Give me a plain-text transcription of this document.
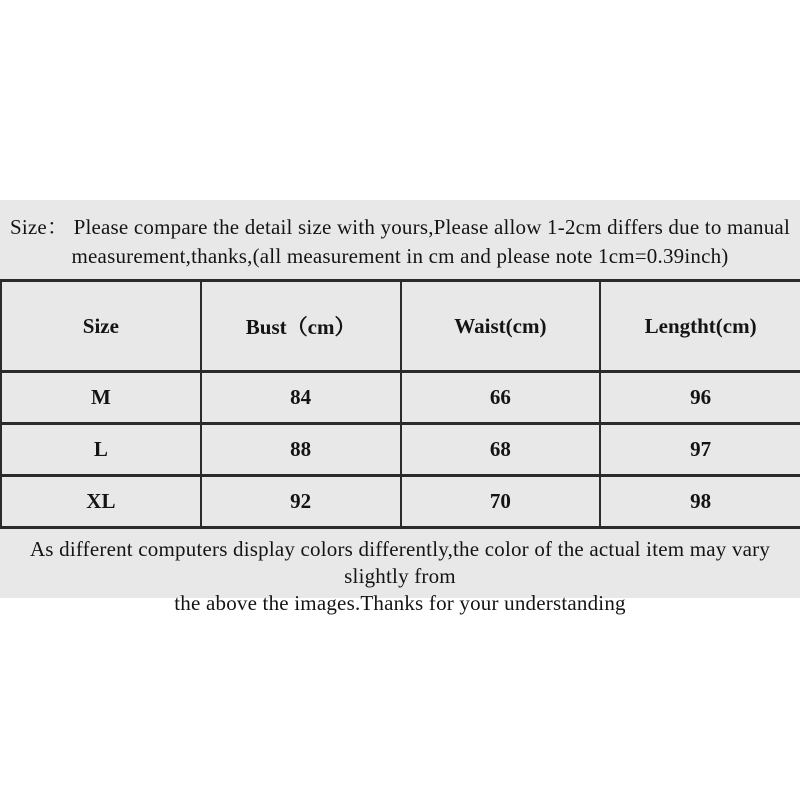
Size： Please compare the detail size with yours,Please allow 1-2cm differs due to manual
measurement,thanks,(all measurement in cm and please note 1cm=0.39inch)
Size	Bust（cm）	Waist(cm)	Lengtht(cm)
M	84	66	96
L	88	68	97
XL	92	70	98
As different computers display colors differently,the color of the actual item may vary slightly from
the above the images.Thanks for your understanding
